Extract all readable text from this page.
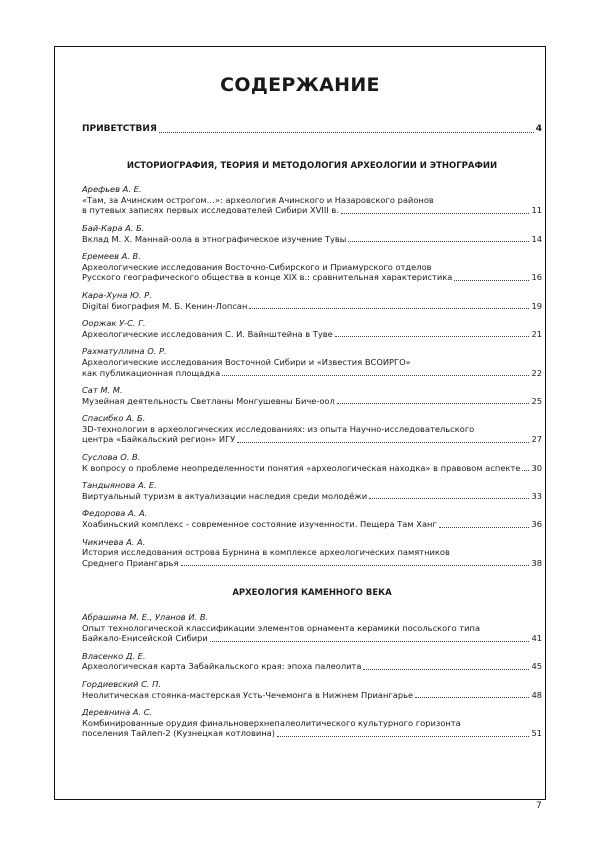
СОДЕРЖАНИЕ
ПРИВЕТСТВИЯ	4
ИСТОРИОГРАФИЯ, ТЕОРИЯ И МЕТОДОЛОГИЯ АРХЕОЛОГИИ И ЭТНОГРАФИИ
Арефьев А. Е.
«Там, за Ачинским острогом…»: археология Ачинского и Назаровского районов
в путевых записях первых исследователей Сибири XVIII в.	11
Бай-Кара А. Б.
Вклад М. Х. Маннай-оола в этнографическое изучение Тувы	14
Еремеев А. В.
Археологические исследования Восточно-Сибирского и Приамурского отделов
Русского географического общества в конце XIX в.: сравнительная характеристика	16
Кара-Хуна Ю. Р.
Digital биография М. Б. Кенин-Лопсан	19
Ооржак У-С. Г.
Археологические исследования С. И. Вайнштейна в Туве	21
Рахматуллина О. Р.
Археологические исследования Восточной Сибири и «Известия ВСОИРГО»
как публикационная площадка	22
Сат М. М.
Музейная деятельность Светланы Монгушевны Биче-оол	25
Спасибко А. Б.
3D-технологии в археологических исследованиях: из опыта Научно-исследовательского
центра «Байкальский регион» ИГУ	27
Суслова О. В.
К вопросу о проблеме неопределенности понятия «археологическая находка» в правовом аспекте 30
Тандыянова А. Е.
Виртуальный туризм в актуализации наследия среди молодёжи	33
Федорова А. А.
Хоабиньский комплекс - современное состояние изученности. Пещера Там Ханг	36
Чикичева А. А.
История исследования острова Бурнина в комплексе археологических памятников
Среднего Приангарья	38
АРХЕОЛОГИЯ КАМЕННОГО ВЕКА
Абрашина М. Е., Уланов И. В.
Опыт технологической классификации элементов орнамента керамики посольского типа
Байкало-Енисейской Сибири	41
Власенко Д. Е.
Археологическая карта Забайкальского края: эпоха палеолита	45
Гордиевский С. П.
Неолитическая стоянка-мастерская Усть-Чечемонга в Нижнем Приангарье	48
Деревнина А. С.
Комбинированные орудия финальноверхнепалеолитического культурного горизонта
поселения Тайлеп-2 (Кузнецкая котловина)	51
7
